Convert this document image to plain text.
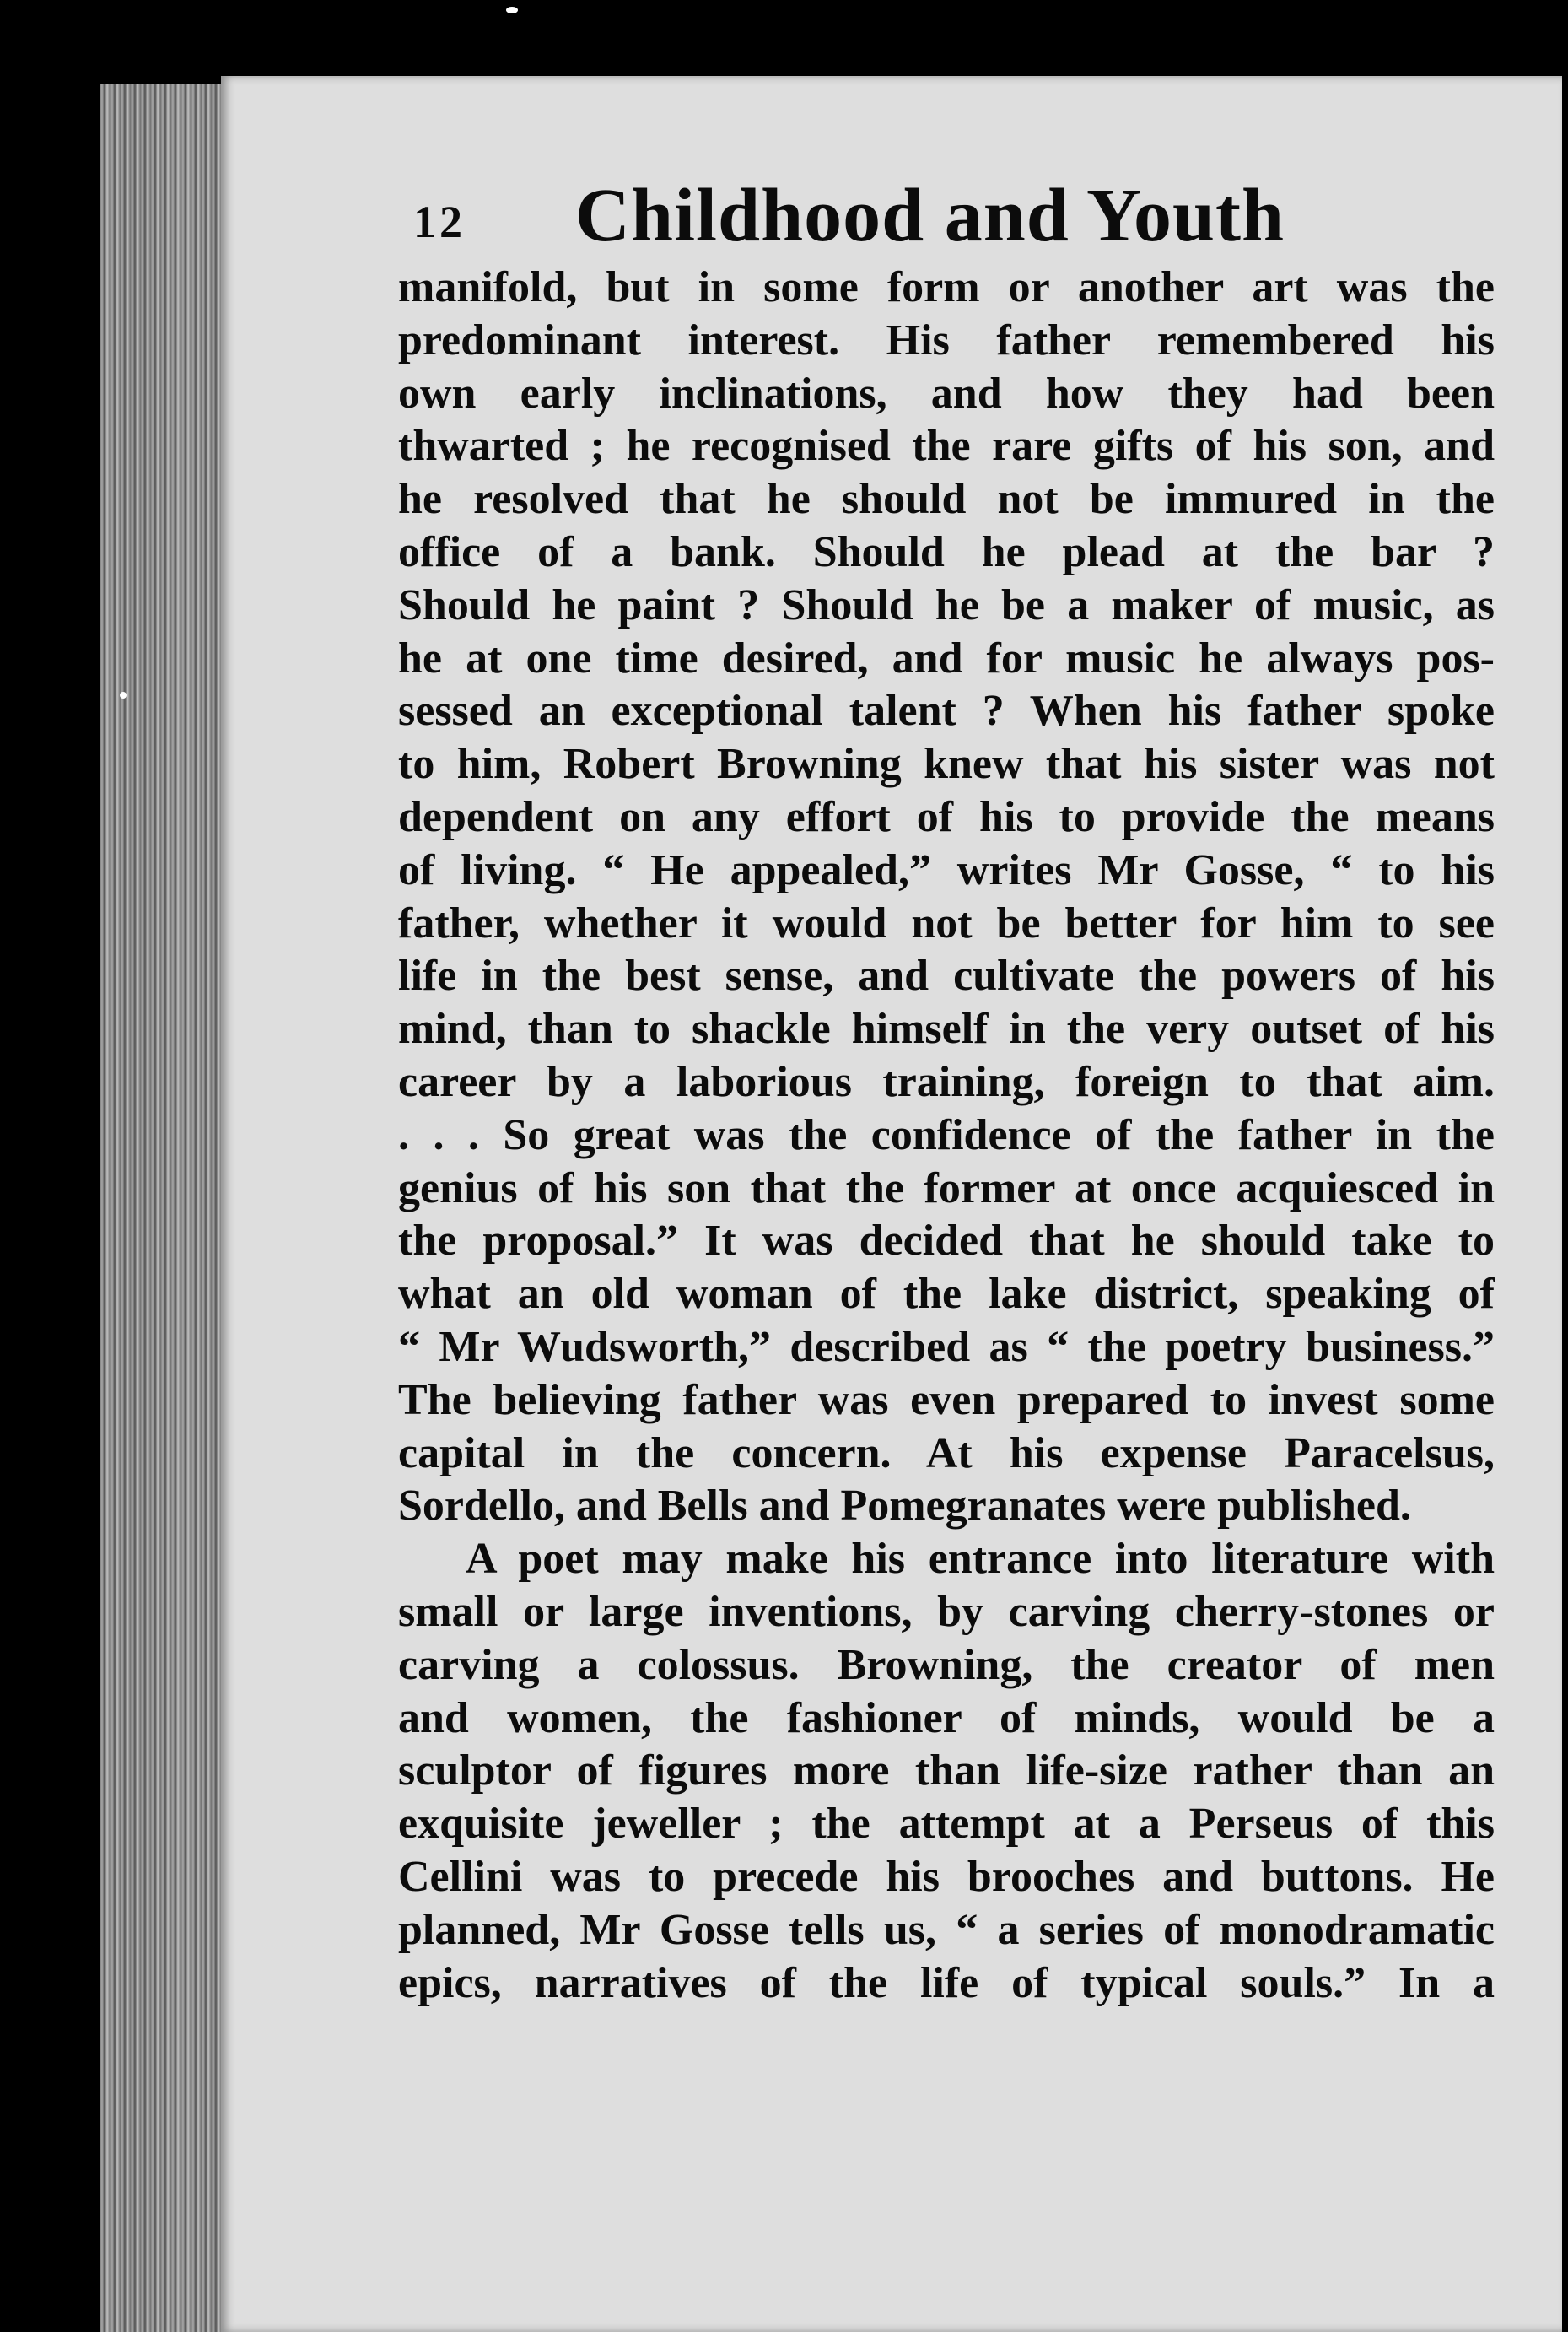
12 Childhood and Youth
manifold, but in some form or another art was the
predominant interest. His father remembered his
own early inclinations, and how they had been
thwarted ; he recognised the rare gifts of his son, and
he resolved that he should not be immured in the
office of a bank. Should he plead at the bar ?
Should he paint ? Should he be a maker of music, as
he at one time desired, and for music he always pos-
sessed an exceptional talent ? When his father spoke
to him, Robert Browning knew that his sister was not
dependent on any effort of his to provide the means
of living. “ He appealed,” writes Mr Gosse, “ to his
father, whether it would not be better for him to see
life in the best sense, and cultivate the powers of his
mind, than to shackle himself in the very outset of his
career by a laborious training, foreign to that aim.
. . . So great was the confidence of the father in the
genius of his son that the former at once acquiesced in
the proposal.” It was decided that he should take to
what an old woman of the lake district, speaking of
“ Mr Wudsworth,” described as “ the poetry business.”
The believing father was even prepared to invest some
capital in the concern. At his expense Paracelsus,
Sordello, and Bells and Pomegranates were published.
A poet may make his entrance into literature with
small or large inventions, by carving cherry-stones or
carving a colossus. Browning, the creator of men
and women, the fashioner of minds, would be a
sculptor of figures more than life-size rather than an
exquisite jeweller ; the attempt at a Perseus of this
Cellini was to precede his brooches and buttons. He
planned, Mr Gosse tells us, “ a series of monodramatic
epics, narratives of the life of typical souls.” In a
